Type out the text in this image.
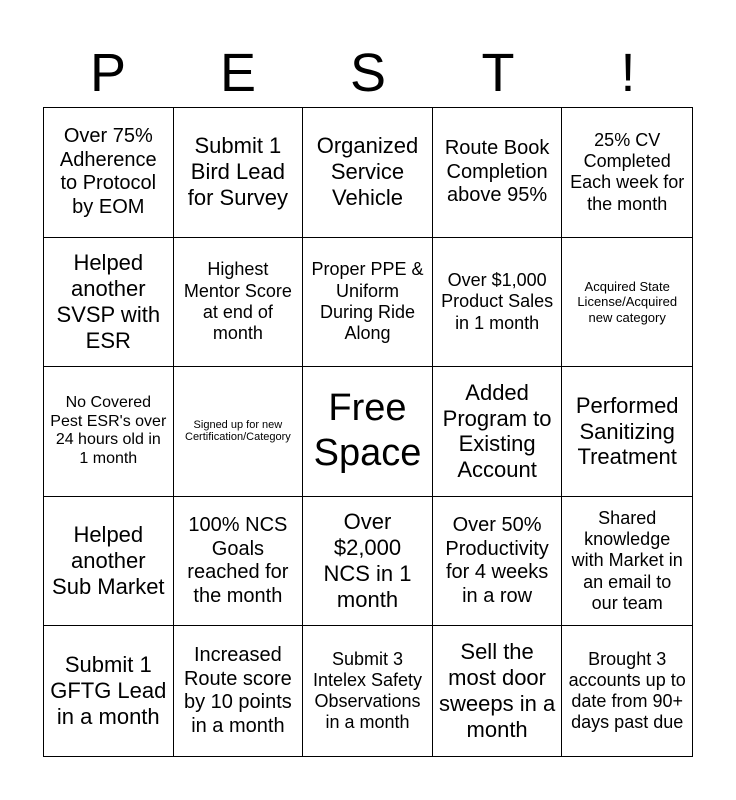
P	E	S	T	!
Over 75% Adherence to Protocol by EOM
Submit 1 Bird Lead for Survey
Organized Service Vehicle
Route Book Completion above 95%
25% CV Completed Each week for the month
Helped another SVSP with ESR
Highest Mentor Score at end of month
Proper PPE & Uniform During Ride Along
Over $1,000 Product Sales in 1 month
Acquired State License/Acquired new category
No Covered Pest ESR's over 24 hours old in 1 month
Signed up for new Certification/Category
Free Space
Added Program to Existing Account
Performed Sanitizing Treatment
Helped another Sub Market
100% NCS Goals reached for the month
Over $2,000 NCS in 1 month
Over 50% Productivity for 4 weeks in a row
Shared knowledge with Market in an email to our team
Submit 1 GFTG Lead in a month
Increased Route score by 10 points in a month
Submit 3 Intelex Safety Observations in a month
Sell the most door sweeps in a month
Brought 3 accounts up to date from 90+ days past due
